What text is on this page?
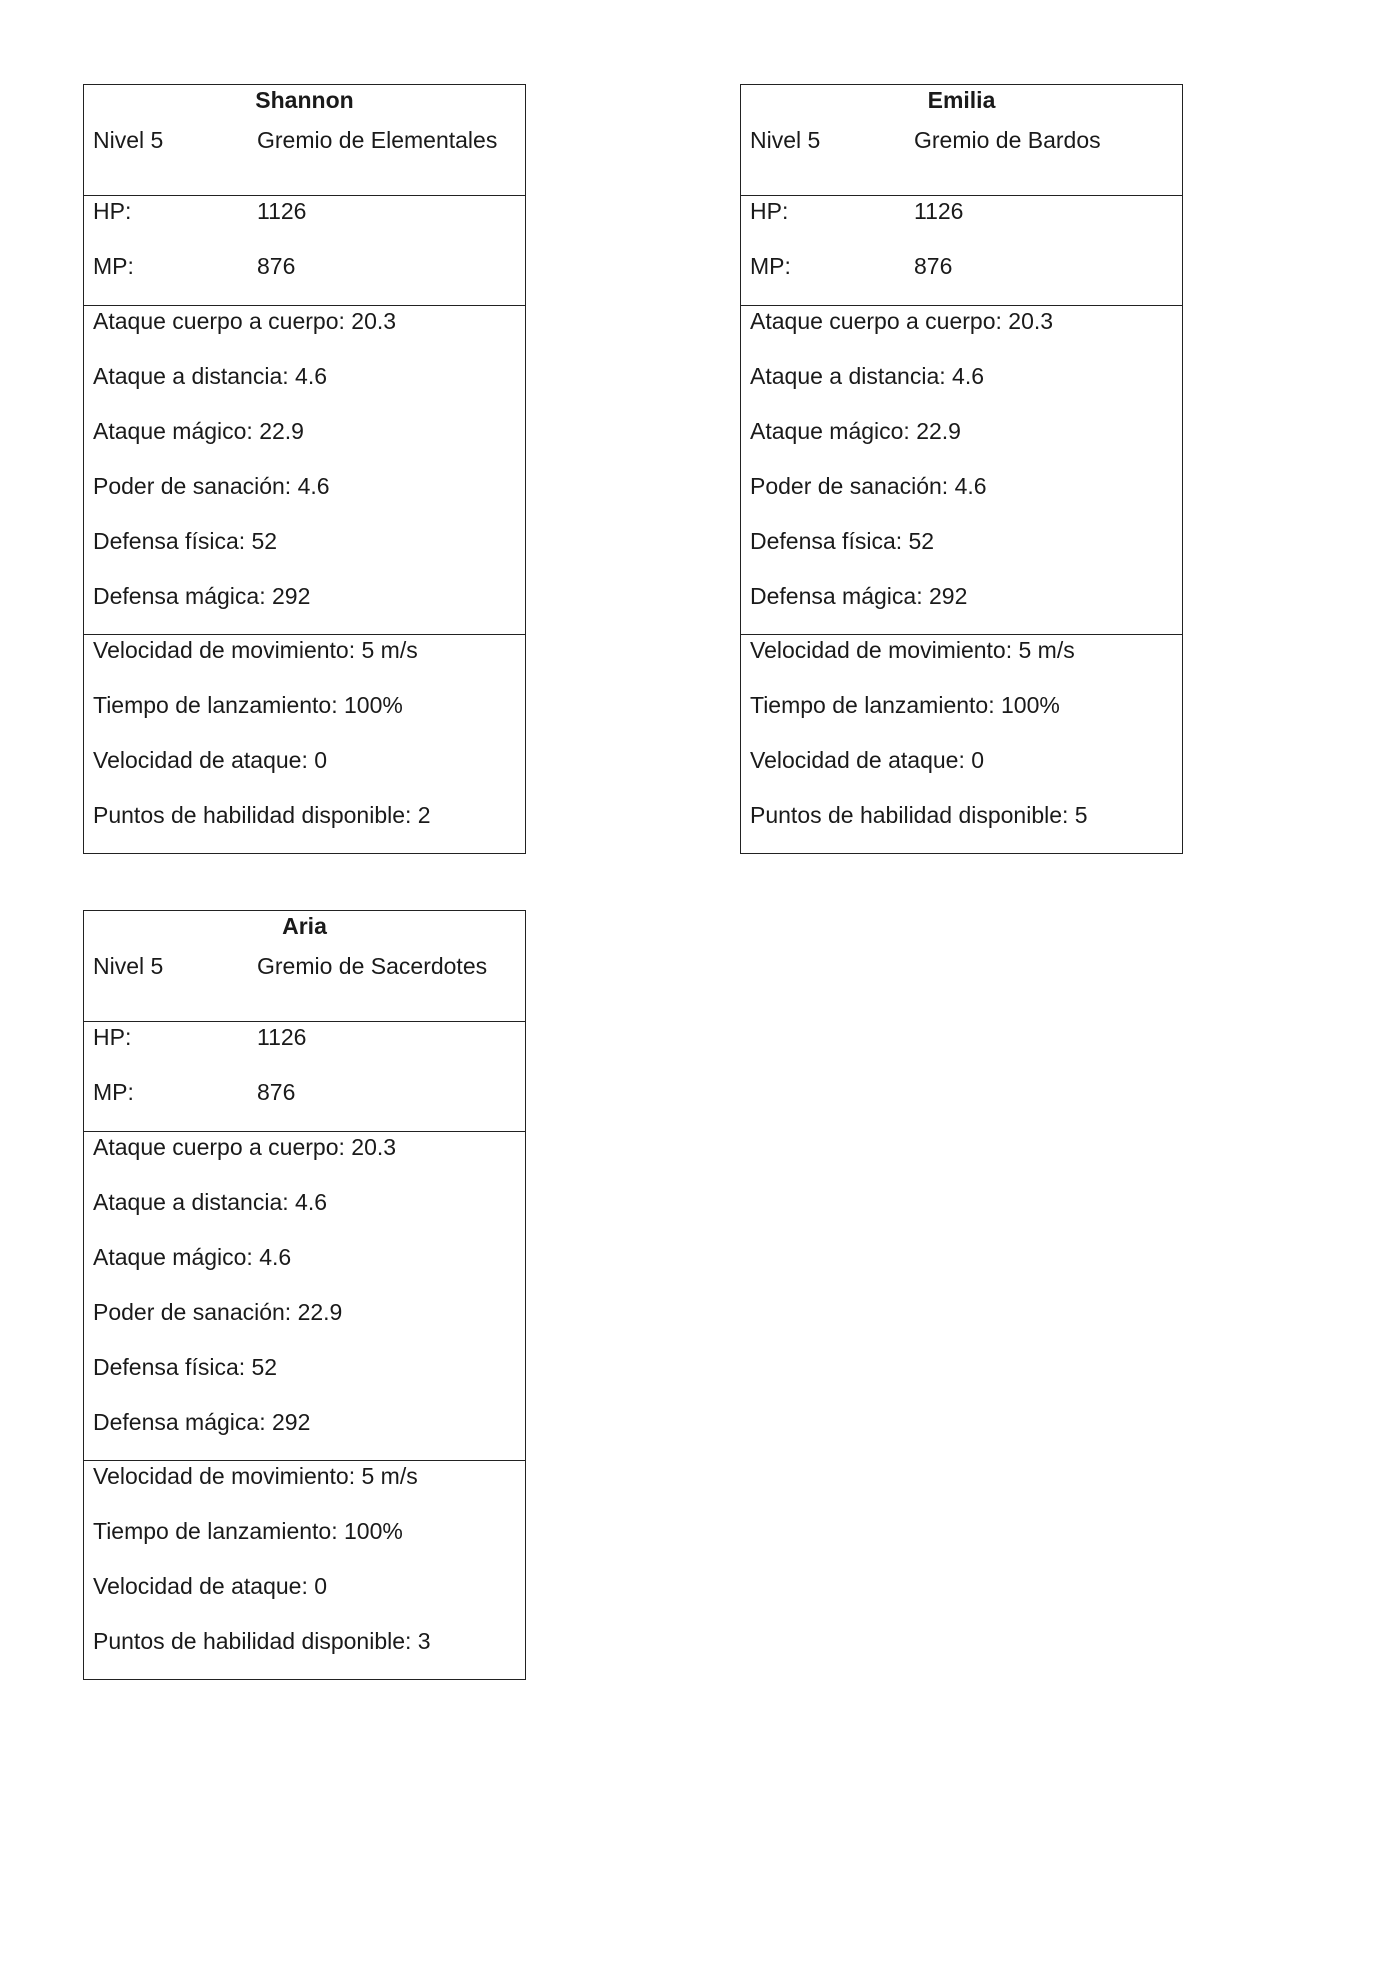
Shannon
Nivel 5	Gremio de Elementales
HP:	1126
MP:	876
Ataque cuerpo a cuerpo: 20.3
Ataque a distancia: 4.6
Ataque mágico: 22.9
Poder de sanación: 4.6
Defensa física: 52
Defensa mágica: 292
Velocidad de movimiento: 5 m/s
Tiempo de lanzamiento: 100%
Velocidad de ataque: 0
Puntos de habilidad disponible: 2
Emilia
Nivel 5	Gremio de Bardos
HP:	1126
MP:	876
Ataque cuerpo a cuerpo: 20.3
Ataque a distancia: 4.6
Ataque mágico: 22.9
Poder de sanación: 4.6
Defensa física: 52
Defensa mágica: 292
Velocidad de movimiento: 5 m/s
Tiempo de lanzamiento: 100%
Velocidad de ataque: 0
Puntos de habilidad disponible: 5
Aria
Nivel 5	Gremio de Sacerdotes
HP:	1126
MP:	876
Ataque cuerpo a cuerpo: 20.3
Ataque a distancia: 4.6
Ataque mágico: 4.6
Poder de sanación: 22.9
Defensa física: 52
Defensa mágica: 292
Velocidad de movimiento: 5 m/s
Tiempo de lanzamiento: 100%
Velocidad de ataque: 0
Puntos de habilidad disponible: 3
